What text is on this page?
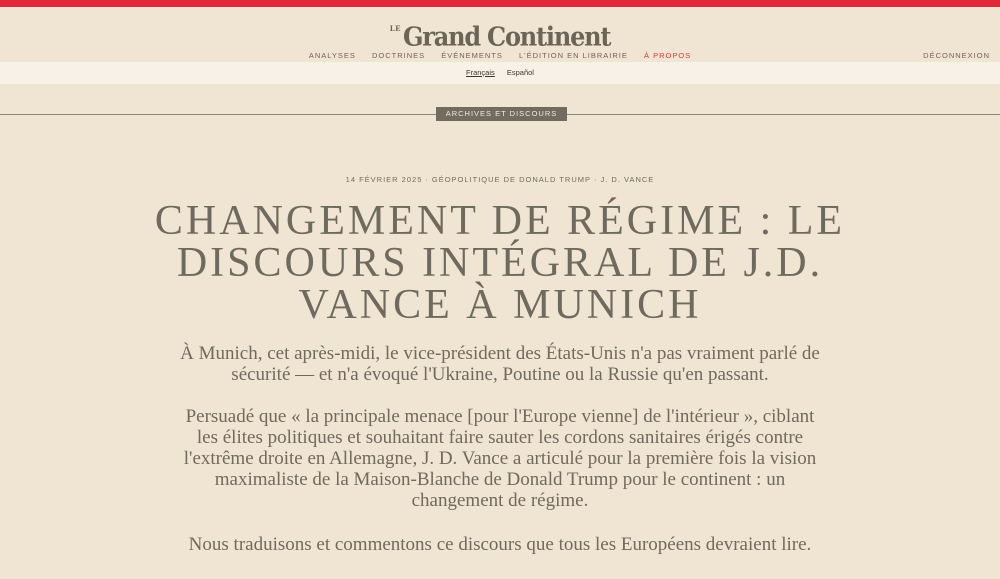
$^{LE}$Grand Continent
ANALYSES DOCTRINES ÉVÉNEMENTS L'ÉDITION EN LIBRAIRIE À PROPOS	DÉCONNEXION
Français Español
ARCHIVES ET DISCOURS
14 FÉVRIER 2025 · GÉOPOLITIQUE DE DONALD TRUMP · J. D. VANCE
CHANGEMENT DE RÉGIME : LE DISCOURS INTÉGRAL DE J.D. VANCE À MUNICH

À Munich, cet après-midi, le vice-président des États-Unis n'a pas vraiment parlé de sécurité — et n'a évoqué l'Ukraine, Poutine ou la Russie qu'en passant.

Persuadé que « la principale menace [pour l'Europe vienne] de l'intérieur », ciblant les élites politiques et souhaitant faire sauter les cordons sanitaires érigés contre l'extrême droite en Allemagne, J. D. Vance a articulé pour la première fois la vision maximaliste de la Maison-Blanche de Donald Trump pour le continent : un changement de régime.

Nous traduisons et commentons ce discours que tous les Européens devraient lire.
